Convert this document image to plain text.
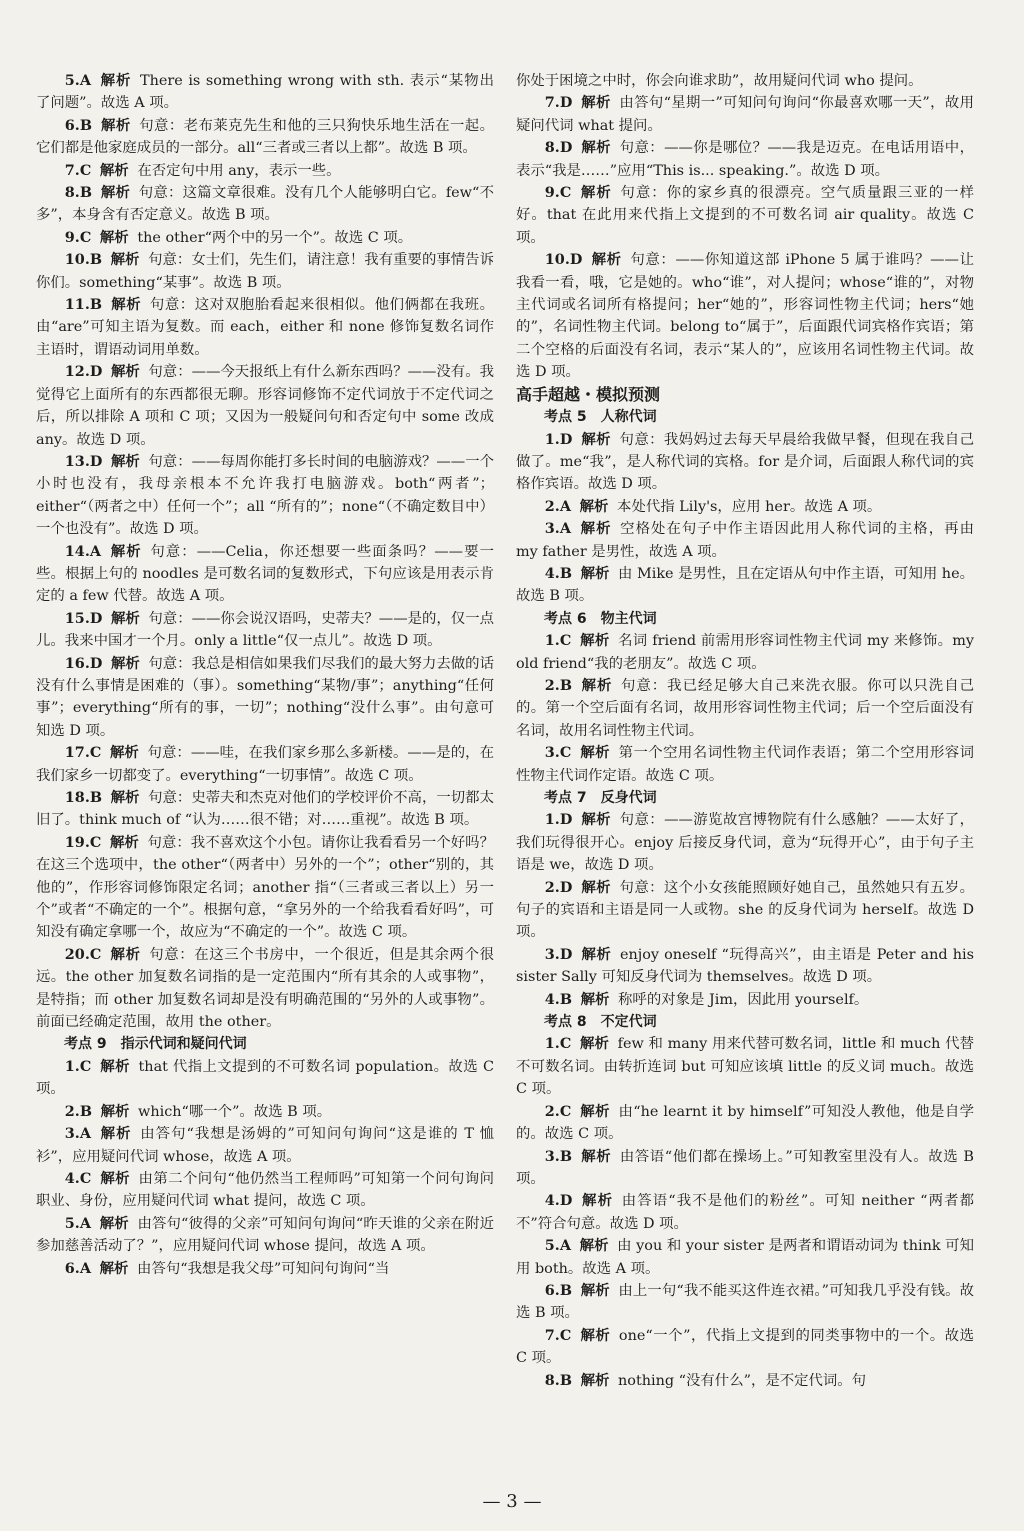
5.A 解析 There is something wrong with sth. 表示“某物出了问题”。故选 A 项。

6.B 解析 句意：老布莱克先生和他的三只狗快乐地生活在一起。它们都是他家庭成员的一部分。all“三者或三者以上都”。故选 B 项。

7.C 解析 在否定句中用 any，表示一些。

8.B 解析 句意：这篇文章很难。没有几个人能够明白它。few“不多”，本身含有否定意义。故选 B 项。

9.C 解析 the other“两个中的另一个”。故选 C 项。

10.B 解析 句意：女士们，先生们，请注意！我有重要的事情告诉你们。something“某事”。故选 B 项。

11.B 解析 句意：这对双胞胎看起来很相似。他们俩都在我班。由“are”可知主语为复数。而 each，either 和 none 修饰复数名词作主语时，谓语动词用单数。

12.D 解析 句意：——今天报纸上有什么新东西吗？——没有。我觉得它上面所有的东西都很无聊。形容词修饰不定代词放于不定代词之后，所以排除 A 项和 C 项；又因为一般疑问句和否定句中 some 改成 any。故选 D 项。

13.D 解析 句意：——每周你能打多长时间的电脑游戏？——一个小时也没有，我母亲根本不允许我打电脑游戏。both“两者”；either“（两者之中）任何一个”；all “所有的”；none“（不确定数目中）一个也没有”。故选 D 项。

14.A 解析 句意：——Celia，你还想要一些面条吗？——要一些。根据上句的 noodles 是可数名词的复数形式，下句应该是用表示肯定的 a few 代替。故选 A 项。

15.D 解析 句意：——你会说汉语吗，史蒂夫？——是的，仅一点儿。我来中国才一个月。only a little“仅一点儿”。故选 D 项。

16.D 解析 句意：我总是相信如果我们尽我们的最大努力去做的话没有什么事情是困难的（事）。something“某物/事”；anything“任何事”；everything“所有的事，一切”；nothing“没什么事”。由句意可知选 D 项。

17.C 解析 句意：——哇，在我们家乡那么多新楼。——是的，在我们家乡一切都变了。everything“一切事情”。故选 C 项。

18.B 解析 句意：史蒂夫和杰克对他们的学校评价不高，一切都太旧了。think much of “认为……很不错；对……重视”。故选 B 项。

19.C 解析 句意：我不喜欢这个小包。请你让我看看另一个好吗？在这三个选项中，the other“（两者中）另外的一个”；other“别的，其他的”，作形容词修饰限定名词；another 指“（三者或三者以上）另一个”或者“不确定的一个”。根据句意，“拿另外的一个给我看看好吗”，可知没有确定拿哪一个，故应为“不确定的一个”。故选 C 项。

20.C 解析 句意：在这三个书房中，一个很近，但是其余两个很远。the other 加复数名词指的是一定范围内“所有其余的人或事物”，是特指；而 other 加复数名词却是没有明确范围的“另外的人或事物”。前面已经确定范围，故用 the other。

考点 9　指示代词和疑问代词

1.C 解析 that 代指上文提到的不可数名词 population。故选 C 项。

2.B 解析 which“哪一个”。故选 B 项。

3.A 解析 由答句“我想是汤姆的”可知问句询问“这是谁的 T 恤衫”，应用疑问代词 whose，故选 A 项。

4.C 解析 由第二个问句“他仍然当工程师吗”可知第一个问句询问职业、身份，应用疑问代词 what 提问，故选 C 项。

5.A 解析 由答句“彼得的父亲”可知问句询问“昨天谁的父亲在附近参加慈善活动了？”，应用疑问代词 whose 提问，故选 A 项。

6.A 解析 由答句“我想是我父母”可知问句询问“当

你处于困境之中时，你会向谁求助”，故用疑问代词 who 提问。

7.D 解析 由答句“星期一”可知问句询问“你最喜欢哪一天”，故用疑问代词 what 提问。

8.D 解析 句意：——你是哪位？——我是迈克。在电话用语中，表示“我是……”应用“This is... speaking.”。故选 D 项。

9.C 解析 句意：你的家乡真的很漂亮。空气质量跟三亚的一样好。that 在此用来代指上文提到的不可数名词 air quality。故选 C 项。

10.D 解析 句意：——你知道这部 iPhone 5 属于谁吗？——让我看一看，哦，它是她的。who“谁”，对人提问；whose“谁的”，对物主代词或名词所有格提问；her“她的”，形容词性物主代词；hers“她的”，名词性物主代词。belong to“属于”，后面跟代词宾格作宾语；第二个空格的后面没有名词，表示“某人的”，应该用名词性物主代词。故选 D 项。

高手超越・模拟预测

考点 5　人称代词

1.D 解析 句意：我妈妈过去每天早晨给我做早餐，但现在我自己做了。me“我”，是人称代词的宾格。for 是介词，后面跟人称代词的宾格作宾语。故选 D 项。

2.A 解析 本处代指 Lily's，应用 her。故选 A 项。

3.A 解析 空格处在句子中作主语因此用人称代词的主格，再由 my father 是男性，故选 A 项。

4.B 解析 由 Mike 是男性，且在定语从句中作主语，可知用 he。故选 B 项。

考点 6　物主代词

1.C 解析 名词 friend 前需用形容词性物主代词 my 来修饰。my old friend“我的老朋友”。故选 C 项。

2.B 解析 句意：我已经足够大自己来洗衣服。你可以只洗自己的。第一个空后面有名词，故用形容词性物主代词；后一个空后面没有名词，故用名词性物主代词。

3.C 解析 第一个空用名词性物主代词作表语；第二个空用形容词性物主代词作定语。故选 C 项。

考点 7　反身代词

1.D 解析 句意：——游览故宫博物院有什么感触？——太好了，我们玩得很开心。enjoy 后接反身代词，意为“玩得开心”，由于句子主语是 we，故选 D 项。

2.D 解析 句意：这个小女孩能照顾好她自己，虽然她只有五岁。句子的宾语和主语是同一人或物。she 的反身代词为 herself。故选 D 项。

3.D 解析 enjoy oneself “玩得高兴”，由主语是 Peter and his sister Sally 可知反身代词为 themselves。故选 D 项。

4.B 解析 称呼的对象是 Jim，因此用 yourself。

考点 8　不定代词

1.C 解析 few 和 many 用来代替可数名词，little 和 much 代替不可数名词。由转折连词 but 可知应该填 little 的反义词 much。故选 C 项。

2.C 解析 由“he learnt it by himself”可知没人教他，他是自学的。故选 C 项。

3.B 解析 由答语“他们都在操场上。”可知教室里没有人。故选 B 项。

4.D 解析 由答语“我不是他们的粉丝”。可知 neither “两者都不”符合句意。故选 D 项。

5.A 解析 由 you 和 your sister 是两者和谓语动词为 think 可知用 both。故选 A 项。

6.B 解析 由上一句“我不能买这件连衣裙。”可知我几乎没有钱。故选 B 项。

7.C 解析 one“一个”，代指上文提到的同类事物中的一个。故选 C 项。

8.B 解析 nothing “没有什么”，是不定代词。句

— 3 —
